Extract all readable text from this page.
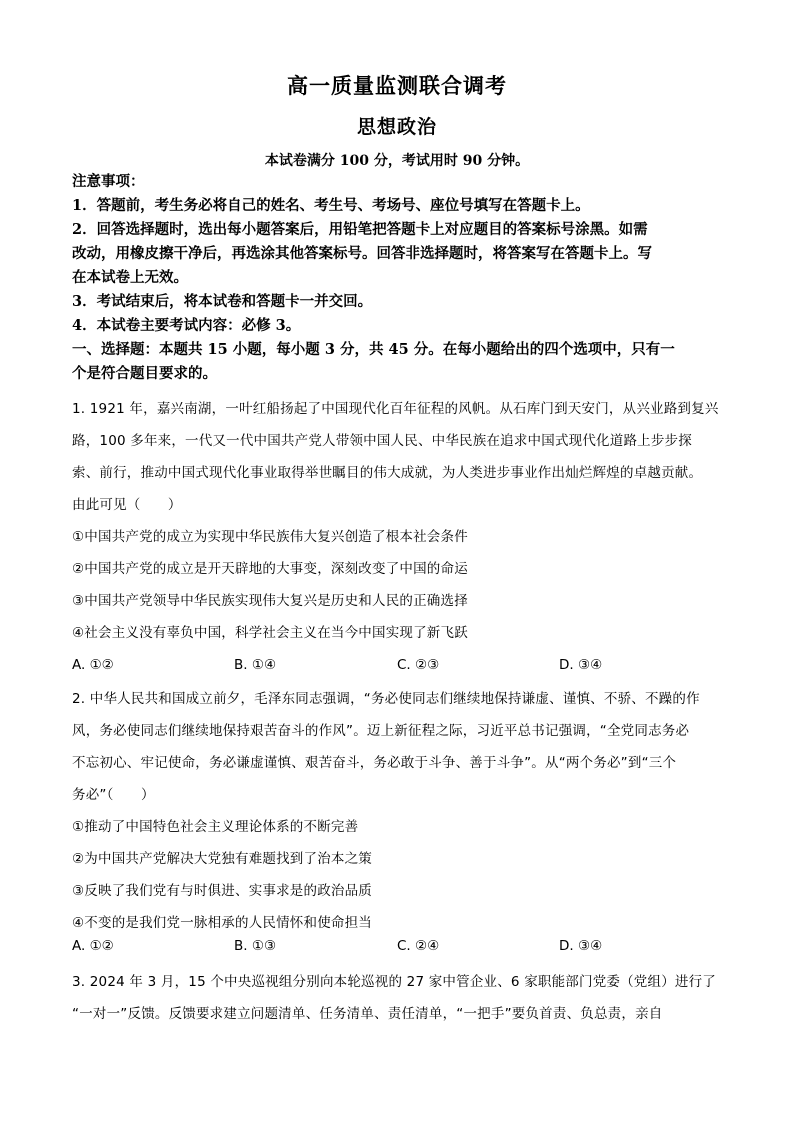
高一质量监测联合调考
思想政治
本试卷满分 100 分，考试用时 90 分钟。
注意事项：
1．答题前，考生务必将自己的姓名、考生号、考场号、座位号填写在答题卡上。
2．回答选择题时，选出每小题答案后，用铅笔把答题卡上对应题目的答案标号涂黑。如需
改动，用橡皮擦干净后，再选涂其他答案标号。回答非选择题时，将答案写在答题卡上。写
在本试卷上无效。
3．考试结束后，将本试卷和答题卡一并交回。
4．本试卷主要考试内容：必修 3。
一、选择题：本题共 15 小题，每小题 3 分，共 45 分。在每小题给出的四个选项中，只有一
个是符合题目要求的。
1. 1921 年，嘉兴南湖，一叶红船扬起了中国现代化百年征程的风帆。从石库门到天安门，从兴业路到复兴
路，100 多年来，一代又一代中国共产党人带领中国人民、中华民族在追求中国式现代化道路上步步探
索、前行，推动中国式现代化事业取得举世瞩目的伟大成就，为人类进步事业作出灿烂辉煌的卓越贡献。
由此可见（　　）
①中国共产党的成立为实现中华民族伟大复兴创造了根本社会条件
②中国共产党的成立是开天辟地的大事变，深刻改变了中国的命运
③中国共产党领导中华民族实现伟大复兴是历史和人民的正确选择
④社会主义没有辜负中国，科学社会主义在当今中国实现了新飞跃
A. ①②	B. ①④	C. ②③	D. ③④
2. 中华人民共和国成立前夕，毛泽东同志强调，“务必使同志们继续地保持谦虚、谨慎、不骄、不躁的作
风，务必使同志们继续地保持艰苦奋斗的作风”。迈上新征程之际，习近平总书记强调，“全党同志务必
不忘初心、牢记使命，务必谦虚谨慎、艰苦奋斗，务必敢于斗争、善于斗争”。从“两个务必”到“三个
务必”（　　）
①推动了中国特色社会主义理论体系的不断完善
②为中国共产党解决大党独有难题找到了治本之策
③反映了我们党有与时俱进、实事求是的政治品质
④不变的是我们党一脉相承的人民情怀和使命担当
A. ①②	B. ①③	C. ②④	D. ③④
3. 2024 年 3 月，15 个中央巡视组分别向本轮巡视的 27 家中管企业、6 家职能部门党委（党组）进行了
“一对一”反馈。反馈要求建立问题清单、任务清单、责任清单，“一把手”要负首责、负总责，亲自
